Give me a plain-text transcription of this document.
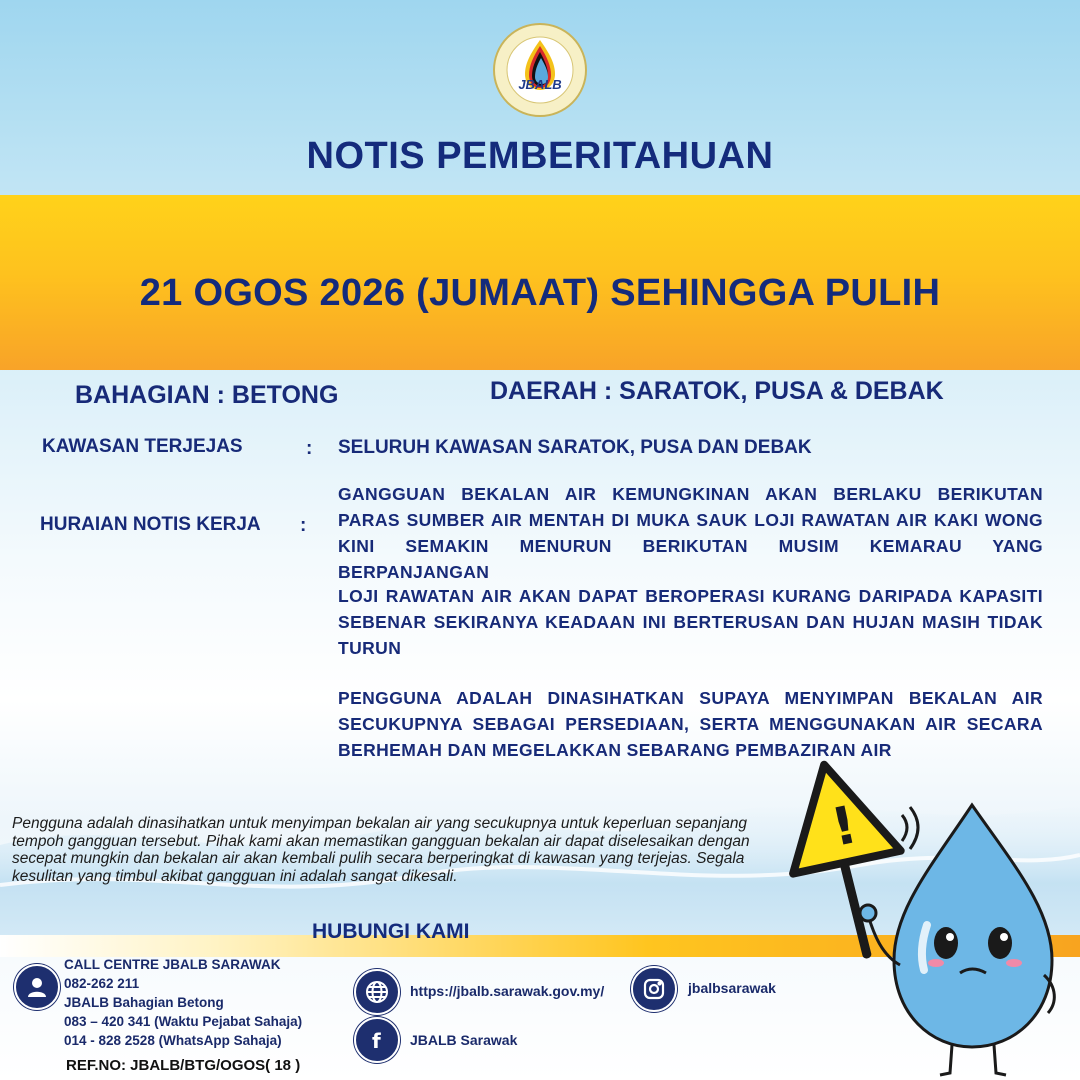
JBALB
NOTIS PEMBERITAHUAN
21 OGOS 2026 (JUMAAT) SEHINGGA PULIH
BAHAGIAN : BETONG	DAERAH : SARATOK, PUSA & DEBAK
KAWASAN TERJEJAS	: SELURUH KAWASAN SARATOK, PUSA DAN DEBAK
HURAIAN NOTIS KERJA :
GANGGUAN BEKALAN AIR KEMUNGKINAN AKAN BERLAKU BERIKUTAN PARAS SUMBER AIR MENTAH DI MUKA SAUK LOJI RAWATAN AIR KAKI WONG KINI SEMAKIN MENURUN BERIKUTAN MUSIM KEMARAU YANG BERPANJANGAN
LOJI RAWATAN AIR AKAN DAPAT BEROPERASI KURANG DARIPADA KAPASITI SEBENAR SEKIRANYA KEADAAN INI BERTERUSAN DAN HUJAN MASIH TIDAK TURUN
PENGGUNA ADALAH DINASIHATKAN SUPAYA MENYIMPAN BEKALAN AIR SECUKUPNYA SEBAGAI PERSEDIAAN, SERTA MENGGUNAKAN AIR SECARA BERHEMAH DAN MEGELAKKAN SEBARANG PEMBAZIRAN AIR
Pengguna adalah dinasihatkan untuk menyimpan bekalan air yang secukupnya untuk keperluan sepanjang tempoh gangguan tersebut. Pihak kami akan memastikan gangguan bekalan air dapat diselesaikan dengan secepat mungkin dan bekalan air akan kembali pulih secara berperingkat di kawasan yang terjejas. Segala kesulitan yang timbul akibat gangguan ini adalah sangat dikesali.
HUBUNGI KAMI
!
CALL CENTRE JBALB SARAWAK
082-262 211
JBALB Bahagian Betong
083 – 420 341 (Waktu Pejabat Sahaja)
014 - 828 2528 (WhatsApp Sahaja)
https://jbalb.sarawak.gov.my/	jbalbsarawak
f JBALB Sarawak
REF.NO: JBALB/BTG/OGOS( 18 )
